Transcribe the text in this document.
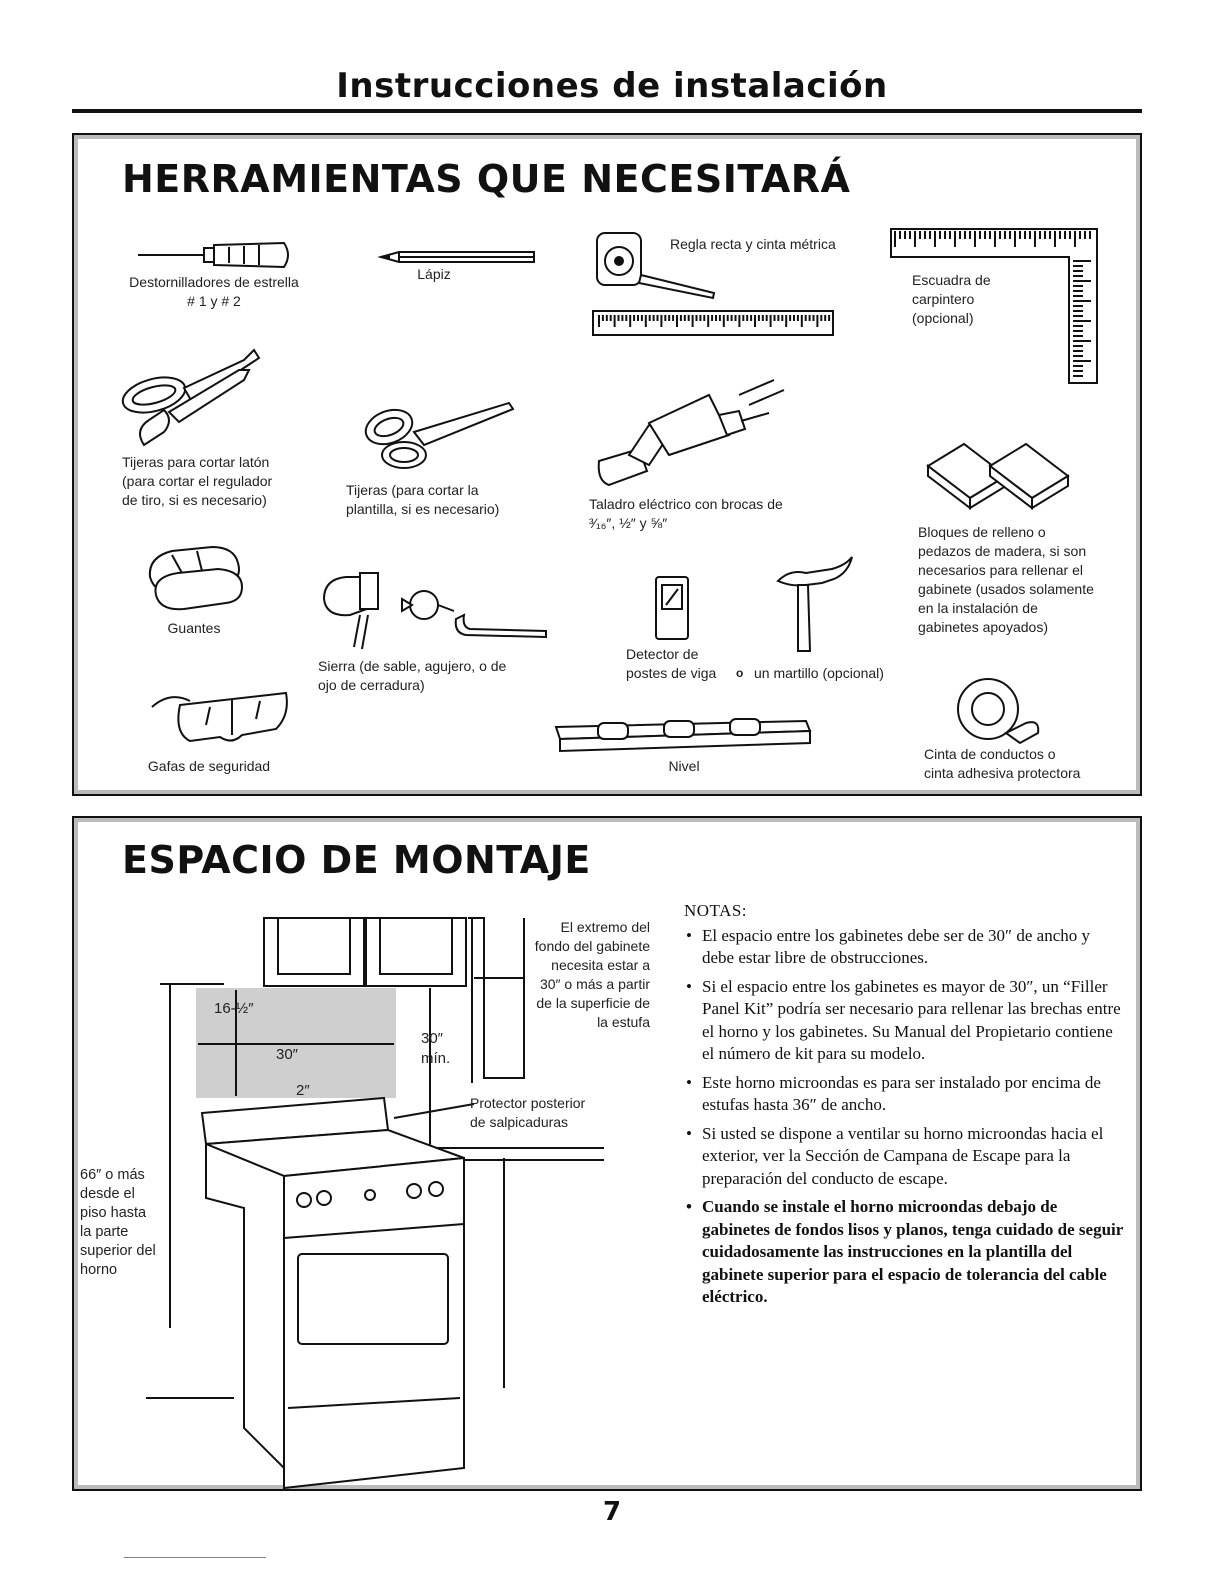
Instrucciones de instalación
HERRAMIENTAS QUE NECESITARÁ
Destornilladores de estrella
# 1 y # 2
Lápiz
Regla recta y cinta métrica
Escuadra de
carpintero
(opcional)
Tijeras para cortar latón
(para cortar el regulador
de tiro, si es necesario)
Tijeras (para cortar la
plantilla, si es necesario)	Taladro eléctrico con brocas de
³⁄₁₆″, ½″ y ⅝″
Bloques de relleno o
pedazos de madera, si son
necesarios para rellenar el
gabinete (usados solamente
en la instalación de
gabinetes apoyados)
Guantes
Sierra (de sable, agujero, o de
ojo de cerradura)
Detector de
postes de viga	o un martillo (opcional)
Gafas de seguridad	Nivel
Cinta de conductos o
cinta adhesiva protectora
ESPACIO DE MONTAJE
16-½″
30″
2″
30″
mín.
66″ o más
desde el
piso hasta
la parte
superior del
horno
El extremo del
fondo del gabinete
necesita estar a
30″ o más a partir
de la superficie de
la estufa
Protector posterior
de salpicaduras
NOTAS:
• El espacio entre los gabinetes debe ser de 30″ de ancho y debe estar libre de obstrucciones.
• Si el espacio entre los gabinetes es mayor de 30″, un “Filler Panel Kit” podría ser necesario para rellenar las brechas entre el horno y los gabinetes. Su Manual del Propietario contiene el número de kit para su modelo.
• Este horno microondas es para ser instalado por encima de estufas hasta 36″ de ancho.
• Si usted se dispone a ventilar su horno microondas hacia el exterior, ver la Sección de Campana de Escape para la preparación del conducto de escape.
• Cuando se instale el horno microondas debajo de gabinetes de fondos lisos y planos, tenga cuidado de seguir cuidadosamente las instrucciones en la plantilla del gabinete superior para el espacio de tolerancia del cable eléctrico.
7
